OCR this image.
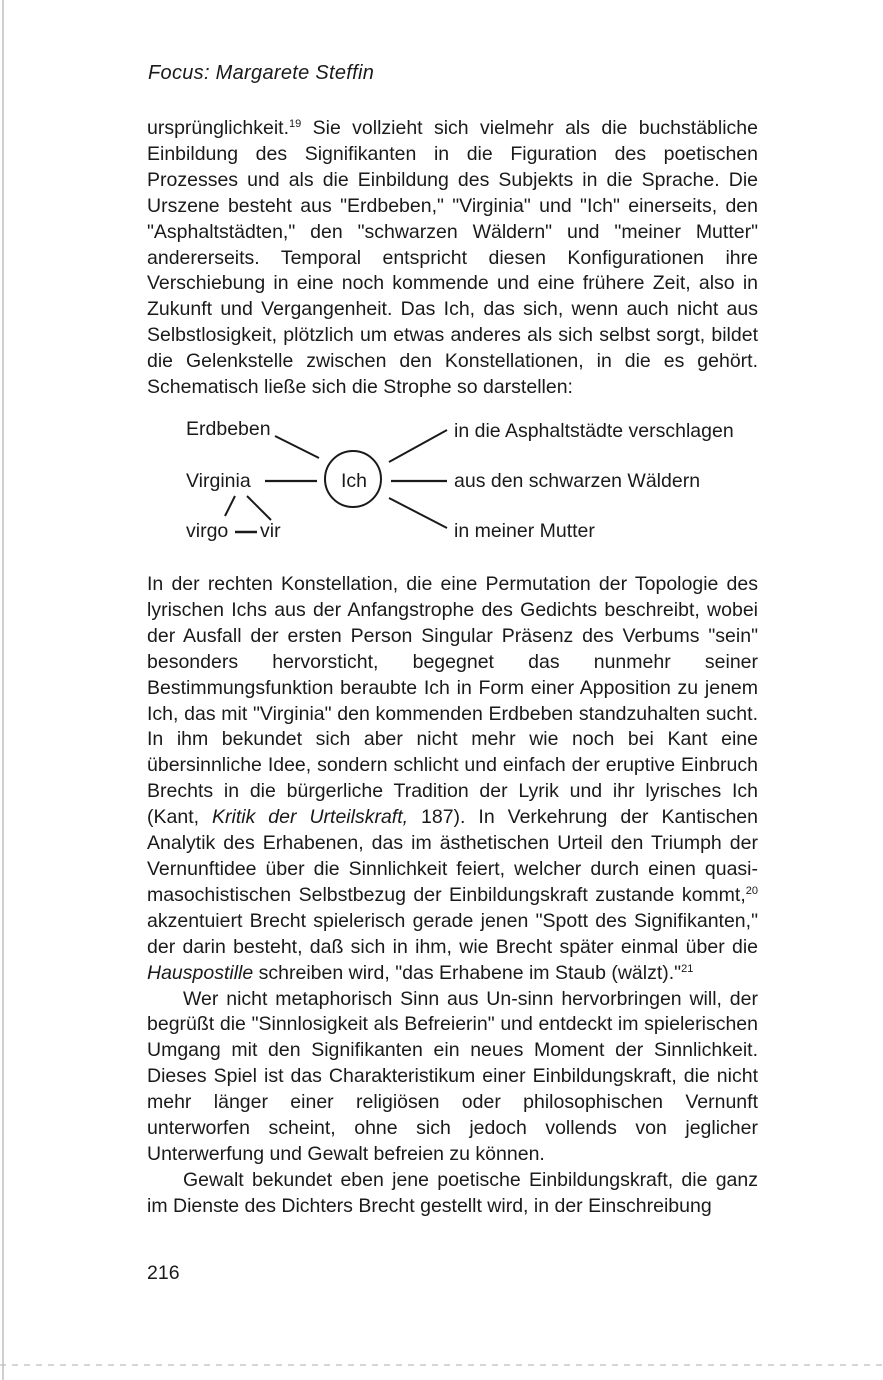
Focus: Margarete Steffin

ursprünglichkeit.$^{19}$ Sie vollzieht sich vielmehr als die buchstäbliche Einbildung des Signifikanten in die Figuration des poetischen Prozesses und als die Einbildung des Subjekts in die Sprache. Die Urszene besteht aus "Erdbeben," "Virginia" und "Ich" einerseits, den "Asphaltstädten," den "schwarzen Wäldern" und "meiner Mutter" andererseits. Temporal entspricht diesen Konfigurationen ihre Verschiebung in eine noch kommende und eine frühere Zeit, also in Zukunft und Vergangenheit. Das Ich, das sich, wenn auch nicht aus Selbstlosigkeit, plötzlich um etwas anderes als sich selbst sorgt, bildet die Gelenkstelle zwischen den Konstellationen, in die es gehört. Schematisch ließe sich die Strophe so darstellen:

Erdbeben
Virginia	Ich
virgo vir
in die Asphaltstädte verschlagen
aus den schwarzen Wäldern
in meiner Mutter

In der rechten Konstellation, die eine Permutation der Topologie des lyrischen Ichs aus der Anfangstrophe des Gedichts beschreibt, wobei der Ausfall der ersten Person Singular Präsenz des Verbums "sein" besonders hervorsticht, begegnet das nunmehr seiner Bestimmungsfunktion beraubte Ich in Form einer Apposition zu jenem Ich, das mit "Virginia" den kommenden Erdbeben standzuhalten sucht. In ihm bekundet sich aber nicht mehr wie noch bei Kant eine übersinnliche Idee, sondern schlicht und einfach der eruptive Einbruch Brechts in die bürgerliche Tradition der Lyrik und ihr lyrisches Ich (Kant, Kritik der Urteilskraft, 187). In Verkehrung der Kantischen Analytik des Erhabenen, das im ästhetischen Urteil den Triumph der Vernunftidee über die Sinnlichkeit feiert, welcher durch einen quasi-masochistischen Selbstbezug der Einbildungskraft zustande kommt,$^{20}$ akzentuiert Brecht spielerisch gerade jenen "Spott des Signifikanten," der darin besteht, daß sich in ihm, wie Brecht später einmal über die Hauspostille schreiben wird, "das Erhabene im Staub (wälzt)."$^{21}$

Wer nicht metaphorisch Sinn aus Un-sinn hervorbringen will, der begrüßt die "Sinnlosigkeit als Befreierin" und entdeckt im spielerischen Umgang mit den Signifikanten ein neues Moment der Sinnlichkeit. Dieses Spiel ist das Charakteristikum einer Einbildungskraft, die nicht mehr länger einer religiösen oder philosophischen Vernunft unterworfen scheint, ohne sich jedoch vollends von jeglicher Unterwerfung und Gewalt befreien zu können.

Gewalt bekundet eben jene poetische Einbildungskraft, die ganz im Dienste des Dichters Brecht gestellt wird, in der Einschreibung

216
